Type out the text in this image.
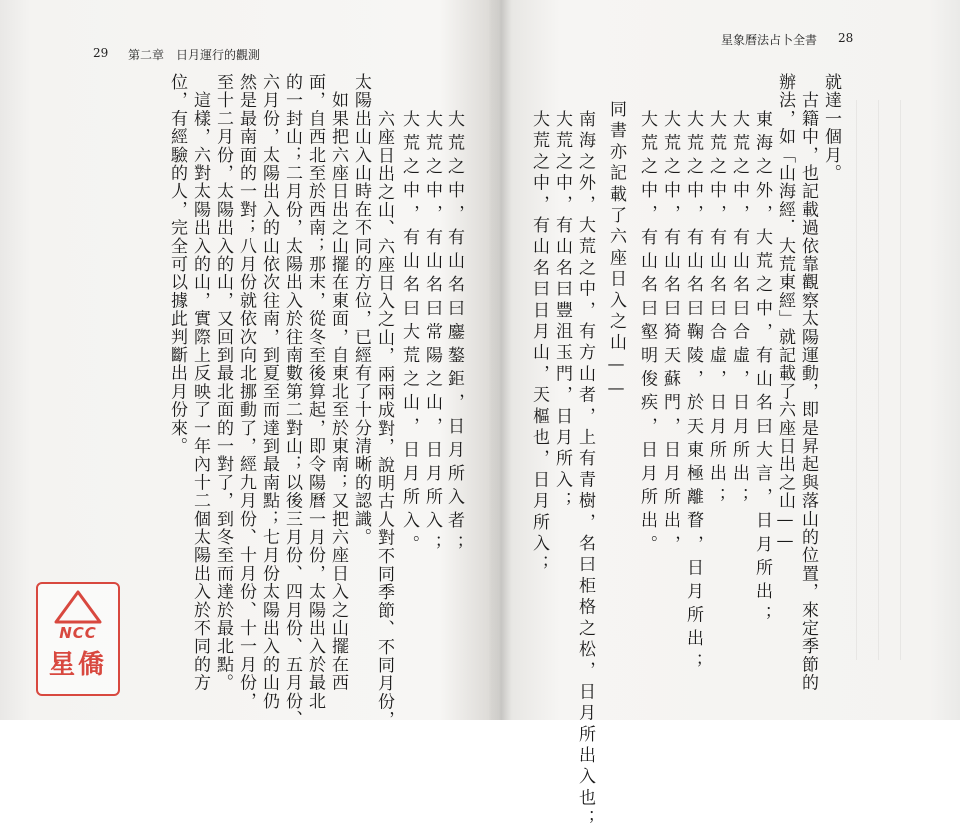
29 第二章　日月運行的觀測
星象曆法占卜全書 28
大荒之中，有山名曰鏖鏊鉅，日月所入者；
大荒之中，有山名曰常陽之山，日月所入；
大荒之中，有山名曰大荒之山，日月所入。
六座日出之山、六座日入之山，兩兩成對，說明古人對不同季節、不同月份，
太陽出山入山時在不同的方位，已經有了十分清晰的認識。
　如果把六座日出之山擺在東面，自東北至於東南；又把六座日入之山擺在西
面，自西北至於西南；那末，從冬至後算起，即令陽曆一月份，太陽出入於最北
的一封山；二月份，太陽出入於往南數第二對山；以後三月份、四月份、五月份、
六月份，太陽出入的山依次往南，到夏至而達到最南點；七月份太陽出入的山仍
然是最南面的一對；八月份就依次向北挪動了，經九月份、十月份、十一月份，
至十二月份，太陽出入的山，又回到最北面的一對了，到冬至而達於最北點。
　這樣，六對太陽出入的山，實際上反映了一年內十二個太陽出入於不同的方
位，有經驗的人，完全可以據此判斷出月份來。	就達一個月。
　古籍中，也記載過依靠觀察太陽運動，即是昇起與落山的位置，來定季節的
辦法，如「山海經．大荒東經」就記載了六座日出之山——
東海之外，大荒之中，有山名曰大言，日月所出；
大荒之中，有山名曰合虛，日月所出；
大荒之中，有山名曰合虛，日月所出；
大荒之中，有山名曰鞠陵，於天東極離瞀，日月所出；
大荒之中，有山名曰猗天蘇門，日月所出，
大荒之中，有山名曰壑明俊疾，日月所出。
同書亦記載了六座日入之山——
南海之外，大荒之中，有方山者，上有青樹，名曰柜格之松，日月所出入也；
大荒之中，有山名曰豐沮玉門，日月所入；
大荒之中，有山名曰日月山，天樞也，日月所入；
NCC
星僑
